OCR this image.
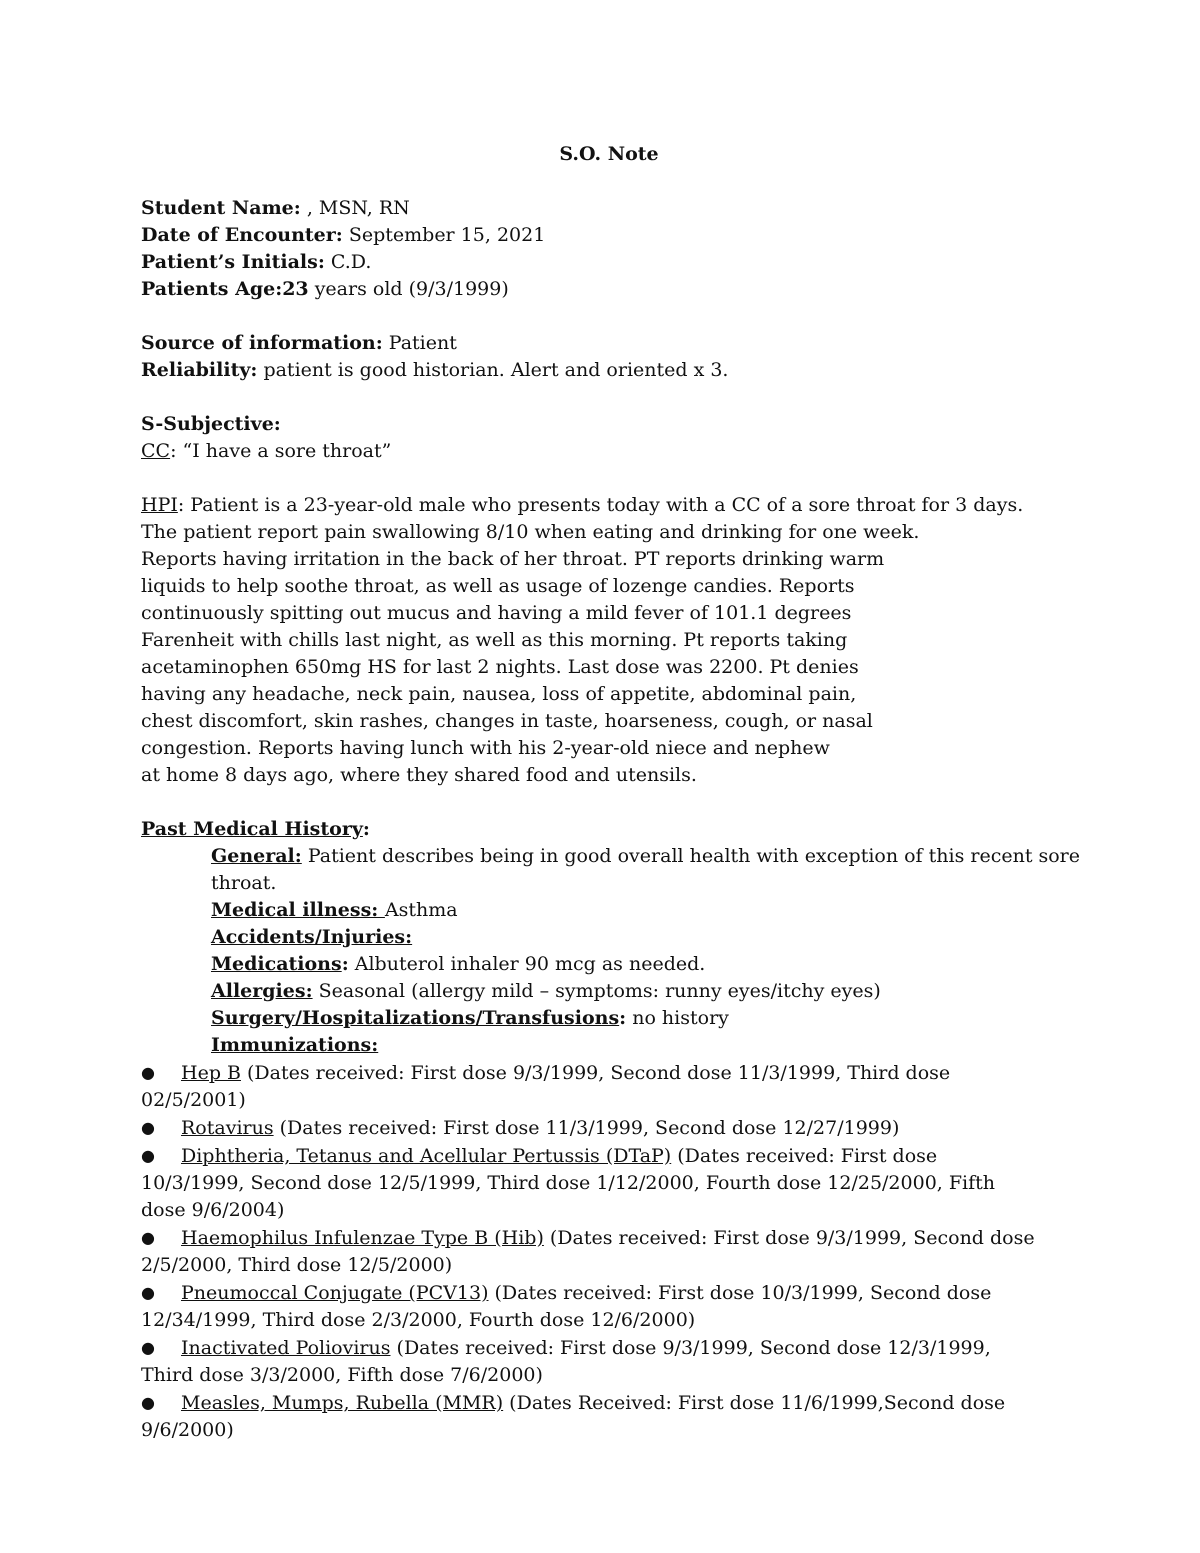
S.O. Note
Student Name: , MSN, RN
Date of Encounter: September 15, 2021
Patient’s Initials: C.D.
Patients Age:23 years old (9/3/1999)
Source of information: Patient
Reliability: patient is good historian. Alert and oriented x 3.
S-Subjective:
CC: “I have a sore throat”
HPI: Patient is a 23-year-old male who presents today with a CC of a sore throat for 3 days.
The patient report pain swallowing 8/10 when eating and drinking for one week.
Reports having irritation in the back of her throat. PT reports drinking warm
liquids to help soothe throat, as well as usage of lozenge candies. Reports
continuously spitting out mucus and having a mild fever of 101.1 degrees
Farenheit with chills last night, as well as this morning. Pt reports taking
acetaminophen 650mg HS for last 2 nights. Last dose was 2200. Pt denies
having any headache, neck pain, nausea, loss of appetite, abdominal pain,
chest discomfort, skin rashes, changes in taste, hoarseness, cough, or nasal
congestion. Reports having lunch with his 2-year-old niece and nephew
at home 8 days ago, where they shared food and utensils.
Past Medical History:
General: Patient describes being in good overall health with exception of this recent sore
throat.
Medical illness: Asthma
Accidents/Injuries:
Medications: Albuterol inhaler 90 mcg as needed.
Allergies: Seasonal (allergy mild – symptoms: runny eyes/itchy eyes)
Surgery/Hospitalizations/Transfusions: no history
Immunizations:
● Hep B (Dates received: First dose 9/3/1999, Second dose 11/3/1999, Third dose 02/5/2001)
● Rotavirus (Dates received: First dose 11/3/1999, Second dose 12/27/1999)
● Diphtheria, Tetanus and Acellular Pertussis (DTaP) (Dates received: First dose 10/3/1999, Second dose 12/5/1999, Third dose 1/12/2000, Fourth dose 12/25/2000, Fifth dose 9/6/2004)
● Haemophilus Infulenzae Type B (Hib) (Dates received: First dose 9/3/1999, Second dose 2/5/2000, Third dose 12/5/2000)
● Pneumoccal Conjugate (PCV13) (Dates received: First dose 10/3/1999, Second dose 12/34/1999, Third dose 2/3/2000, Fourth dose 12/6/2000)
● Inactivated Poliovirus (Dates received: First dose 9/3/1999, Second dose 12/3/1999, Third dose 3/3/2000, Fifth dose 7/6/2000)
● Measles, Mumps, Rubella (MMR) (Dates Received: First dose 11/6/1999,Second dose 9/6/2000)
